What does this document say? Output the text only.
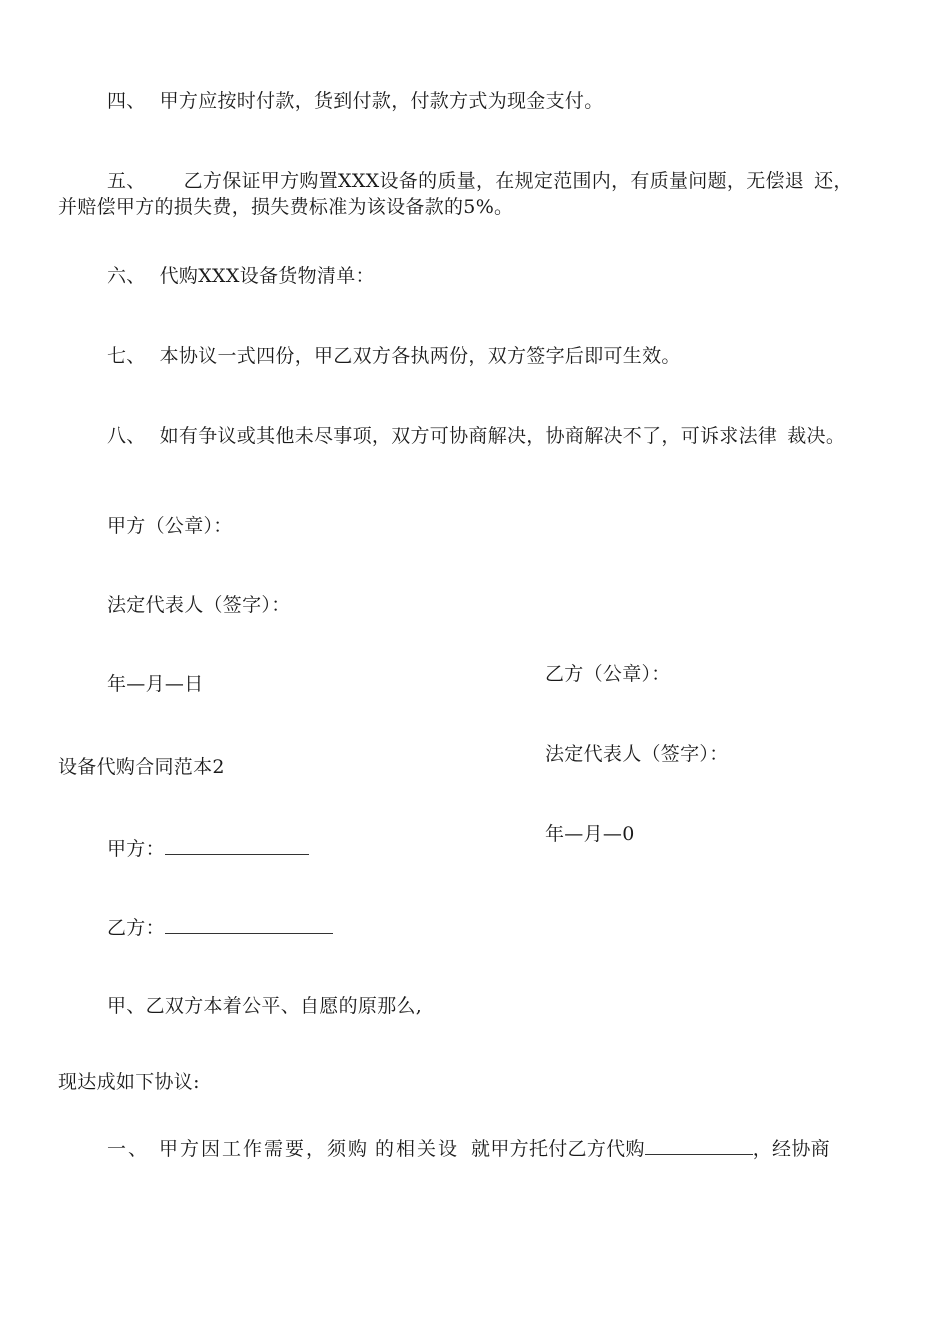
四、 甲方应按时付款，货到付款，付款方式为现金支付。
五、 乙方保证甲方购置XXX设备的质量，在规定范围内，有质量问题，无偿退 还，
并赔偿甲方的损失费，损失费标准为该设备款的5%。
六、 代购XXX设备货物清单：
七、 本协议一式四份，甲乙双方各执两份，双方签字后即可生效。
八、 如有争议或其他未尽事项，双方可协商解决，协商解决不了，可诉求法律 裁决。
甲方（公章）：
法定代表人（签字）：
年—月—日	乙方（公章）：
法定代表人（签字）：
年—月—0
设备代购合同范本2
甲方：
乙方：
甲、乙双方本着公平、自愿的原那么,
现达成如下协议:
一、 甲方因工作需要，须购 的相关设 就甲方托付乙方代购	，经协商
